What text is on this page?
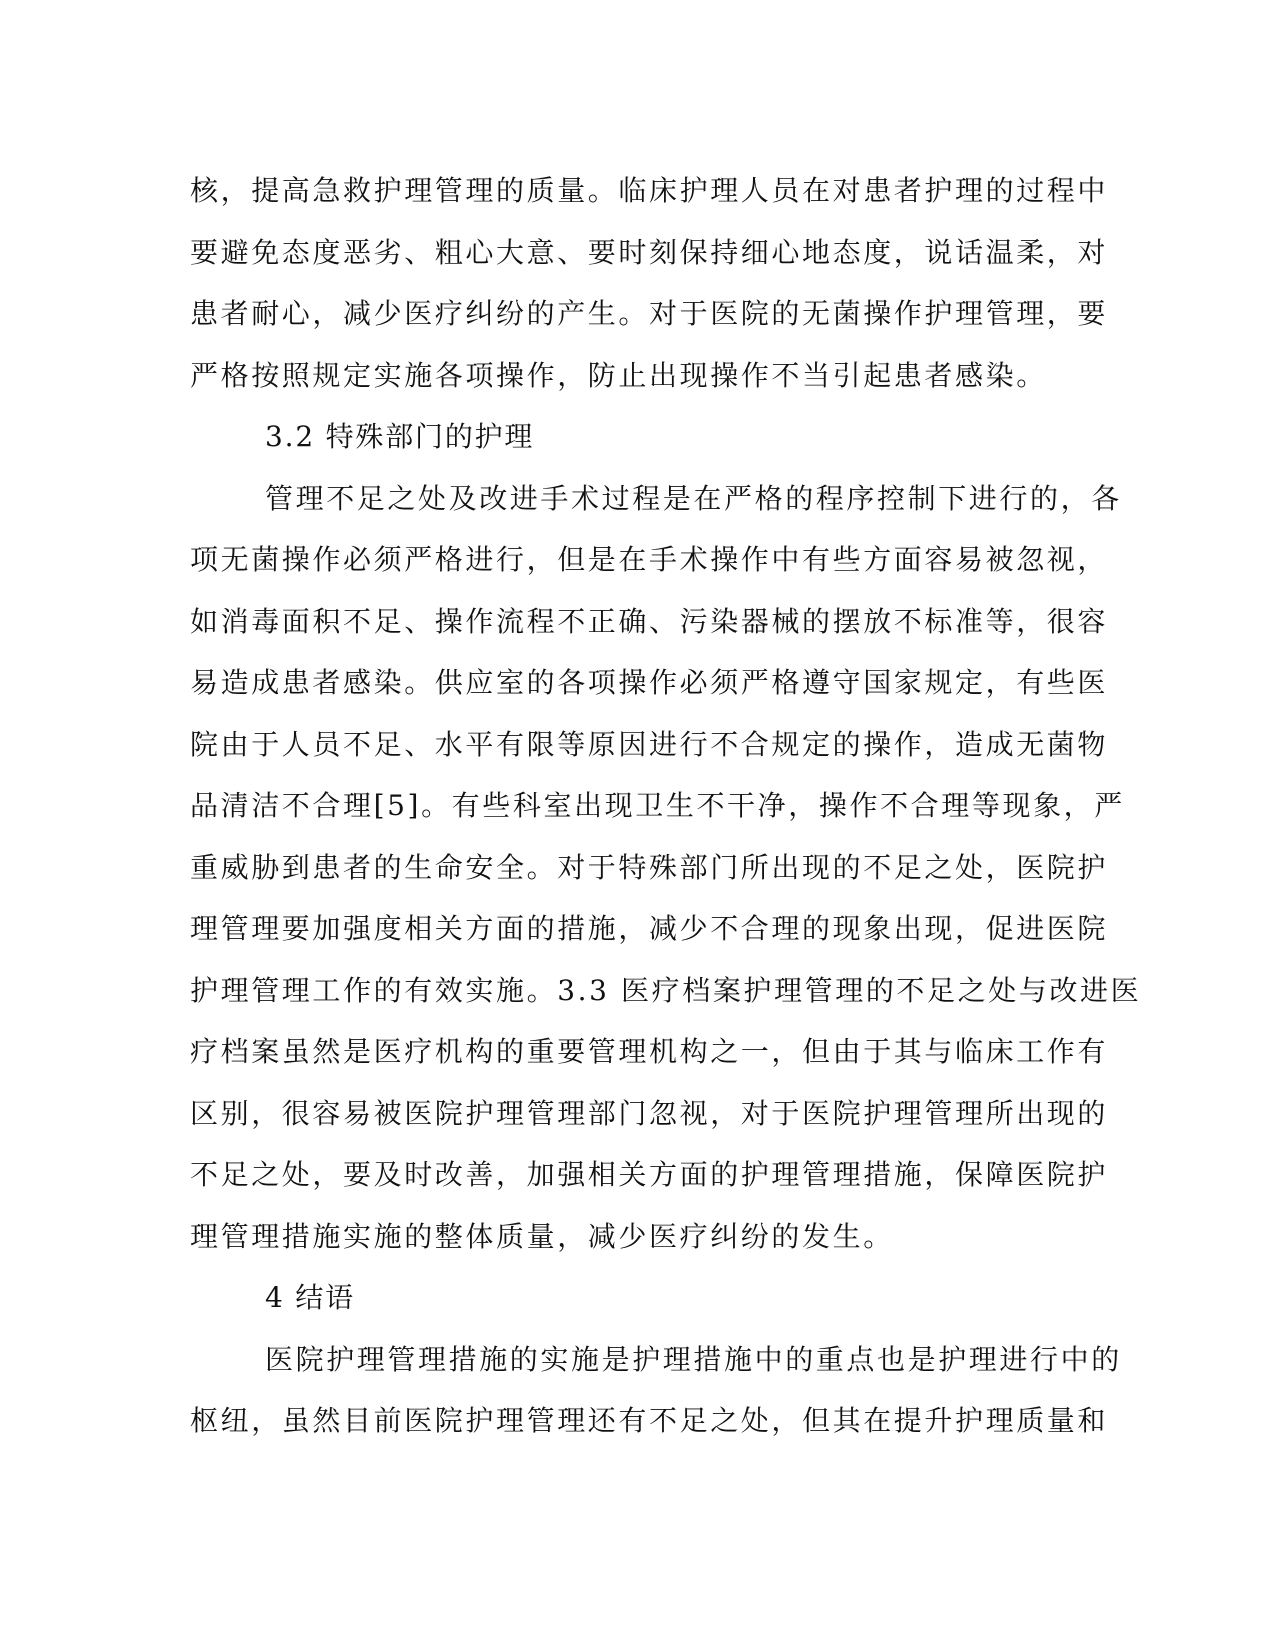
核，提高急救护理管理的质量。临床护理人员在对患者护理的过程中
要避免态度恶劣、粗心大意、要时刻保持细心地态度，说话温柔，对
患者耐心，减少医疗纠纷的产生。对于医院的无菌操作护理管理，要
严格按照规定实施各项操作，防止出现操作不当引起患者感染。
3.2 特殊部门的护理
管理不足之处及改进手术过程是在严格的程序控制下进行的，各
项无菌操作必须严格进行，但是在手术操作中有些方面容易被忽视，
如消毒面积不足、操作流程不正确、污染器械的摆放不标准等，很容
易造成患者感染。供应室的各项操作必须严格遵守国家规定，有些医
院由于人员不足、水平有限等原因进行不合规定的操作，造成无菌物
品清洁不合理[5]。有些科室出现卫生不干净，操作不合理等现象，严
重威胁到患者的生命安全。对于特殊部门所出现的不足之处，医院护
理管理要加强度相关方面的措施，减少不合理的现象出现，促进医院
护理管理工作的有效实施。3.3 医疗档案护理管理的不足之处与改进医
疗档案虽然是医疗机构的重要管理机构之一，但由于其与临床工作有
区别，很容易被医院护理管理部门忽视，对于医院护理管理所出现的
不足之处，要及时改善，加强相关方面的护理管理措施，保障医院护
理管理措施实施的整体质量，减少医疗纠纷的发生。
4 结语
医院护理管理措施的实施是护理措施中的重点也是护理进行中的
枢纽，虽然目前医院护理管理还有不足之处，但其在提升护理质量和
